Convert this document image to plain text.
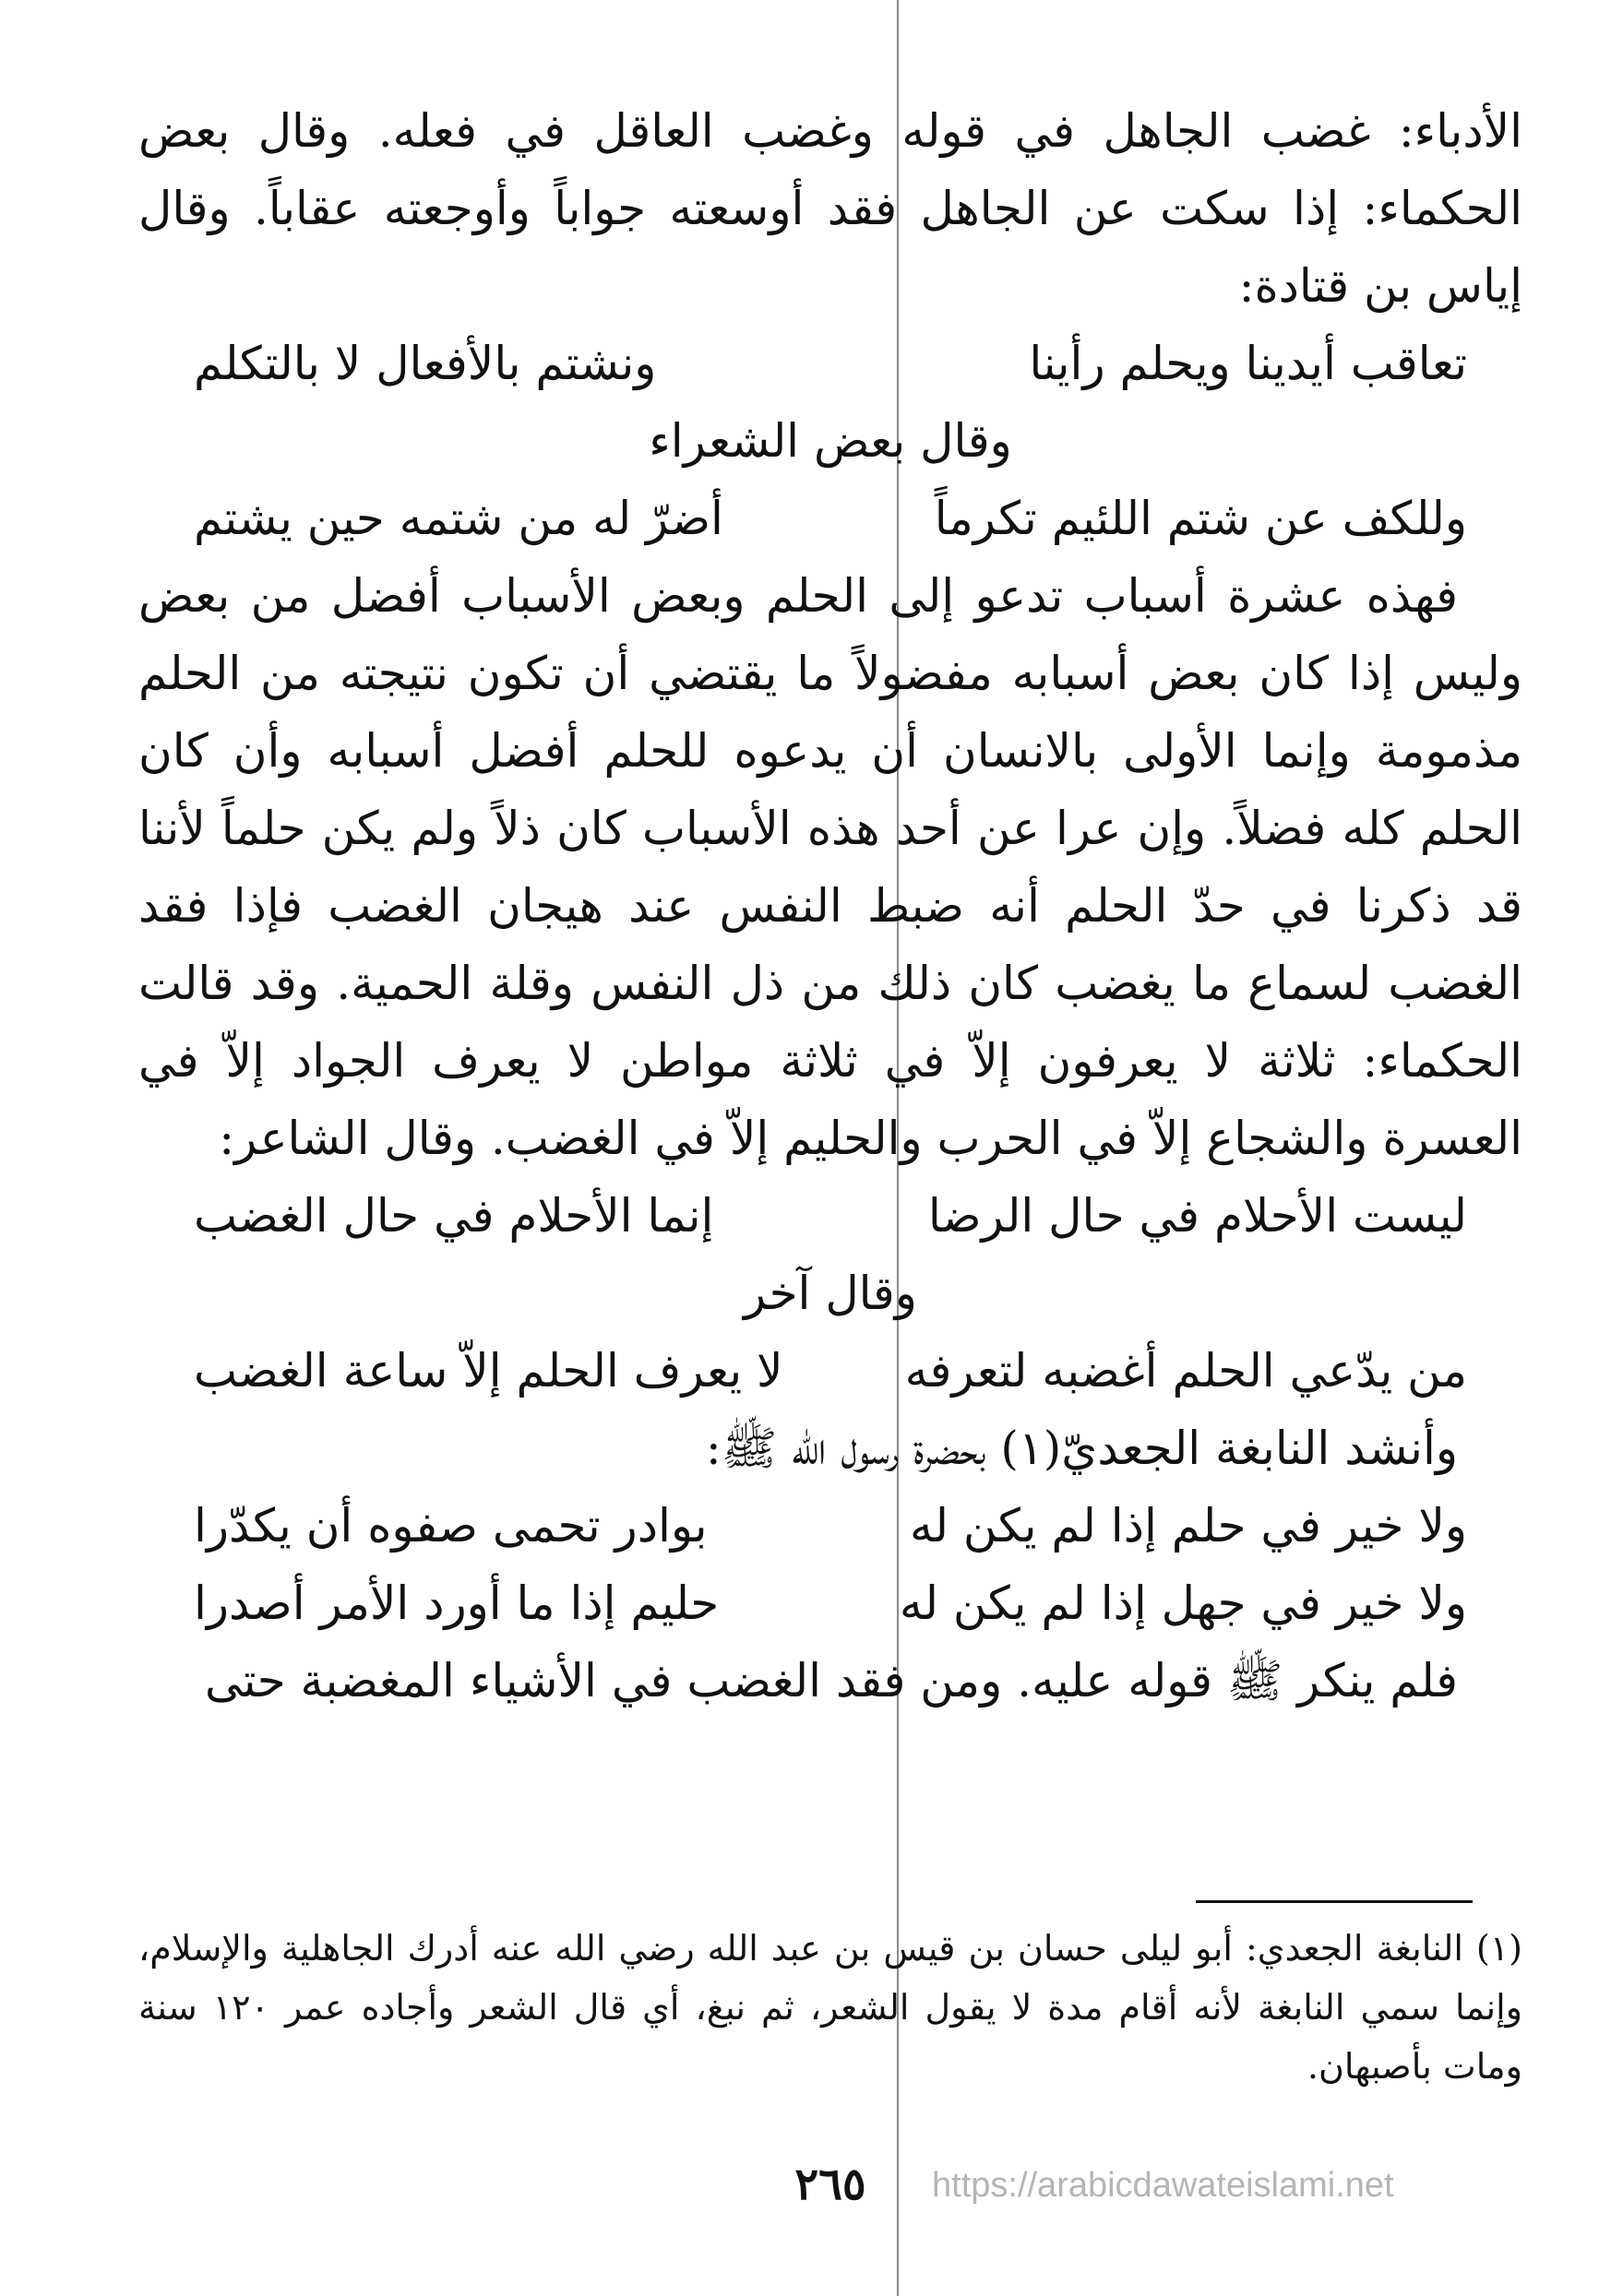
الأدباء: غضب الجاهل في قوله وغضب العاقل في فعله. وقال بعض الحكماء: إذا سكت عن الجاهل فقد أوسعته جواباً وأوجعته عقاباً. وقال إياس بن قتادة:

تعاقب أيدينا ويحلم رأينا
ونشتم بالأفعال لا بالتكلم
وقال بعض الشعراء
وللكف عن شتم اللئيم تكرماً
أضرّ له من شتمه حين يشتم

فهذه عشرة أسباب تدعو إلى الحلم وبعض الأسباب أفضل من بعض وليس إذا كان بعض أسبابه مفضولاً ما يقتضي أن تكون نتيجته من الحلم مذمومة وإنما الأولى بالانسان أن يدعوه للحلم أفضل أسبابه وأن كان الحلم كله فضلاً. وإن عرا عن أحد هذه الأسباب كان ذلاً ولم يكن حلماً لأننا قد ذكرنا في حدّ الحلم أنه ضبط النفس عند هيجان الغضب فإذا فقد الغضب لسماع ما يغضب كان ذلك من ذل النفس وقلة الحمية. وقد قالت الحكماء: ثلاثة لا يعرفون إلاّ في ثلاثة مواطن لا يعرف الجواد إلاّ في العسرة والشجاع إلاّ في الحرب والحليم إلاّ في الغضب. وقال الشاعر:

ليست الأحلام في حال الرضا
إنما الأحلام في حال الغضب
وقال آخر
من يدّعي الحلم أغضبه لتعرفه
لا يعرف الحلم إلاّ ساعة الغضب

وأنشد النابغة الجعديّ(١) بحضرة رسول الله ﷺ:

ولا خير في حلم إذا لم يكن له
بوادر تحمى صفوه أن يكدّرا
ولا خير في جهل إذا لم يكن له
حليم إذا ما أورد الأمر أصدرا

فلم ينكر ﷺ قوله عليه. ومن فقد الغضب في الأشياء المغضبة حتى

(١) النابغة الجعدي: أبو ليلى حسان بن قيس بن عبد الله رضي الله عنه أدرك الجاهلية والإسلام، وإنما سمي النابغة لأنه أقام مدة لا يقول الشعر، ثم نبغ، أي قال الشعر وأجاده عمر ١٢٠ سنة ومات بأصبهان.

٢٦٥	https://arabicdawateislami.net
